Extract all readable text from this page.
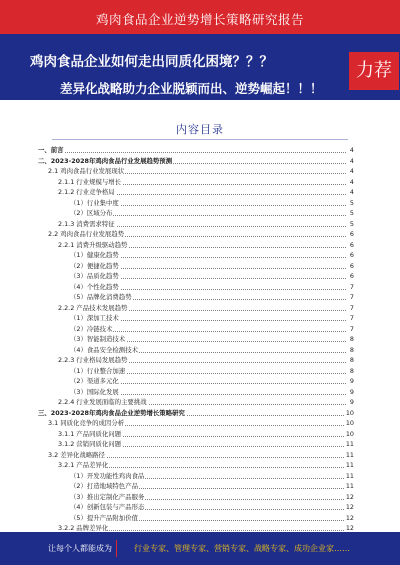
鸡肉食品企业逆势增长策略研究报告
鸡肉食品企业如何走出同质化困境？？？
差异化战略助力企业脱颖而出、逆势崛起！！！
力荐
内容目录
一、前言	4
二、2023-2028年鸡肉食品行业发展趋势预测	4
2.1 鸡肉食品行业发展现状	4
2.1.1 行业规模与增长	4
2.1.2 行业竞争格局	4
（1）行业集中度	5
（2）区域分布	5
2.1.3 消费需求特征	5
2.2 鸡肉食品行业发展趋势	6
2.2.1 消费升级驱动趋势	6
（1）健康化趋势	6
（2）便捷化趋势	6
（3）品质化趋势	6
（4）个性化趋势	7
（5）品牌化消费趋势	7
2.2.2 产品技术发展趋势	7
（1）深加工技术	7
（2）冷链技术	7
（3）智能制造技术	8
（4）食品安全检测技术	8
2.2.3 行业格局发展趋势	8
（1）行业整合加速	8
（2）渠道多元化	9
（3）国际化发展	9
2.2.4 行业发展面临的主要挑战	9
三、2023-2028年鸡肉食品企业逆势增长策略研究	10
3.1 同质化竞争的成因分析	10
3.1.1 产品同质化问题	10
3.1.2 营销同质化问题	11
3.2 差异化战略路径	11
3.2.1 产品差异化	11
（1）开发功能性鸡肉食品	11
（2）打造地域特色产品	11
（3）推出定制化产品服务	12
（4）创新包装与产品形态	12
（5）提升产品附加价值	12
3.2.2 品牌差异化	12
让每个人都能成为	行业专家、管理专家、营销专家、战略专家、成功企业家……
